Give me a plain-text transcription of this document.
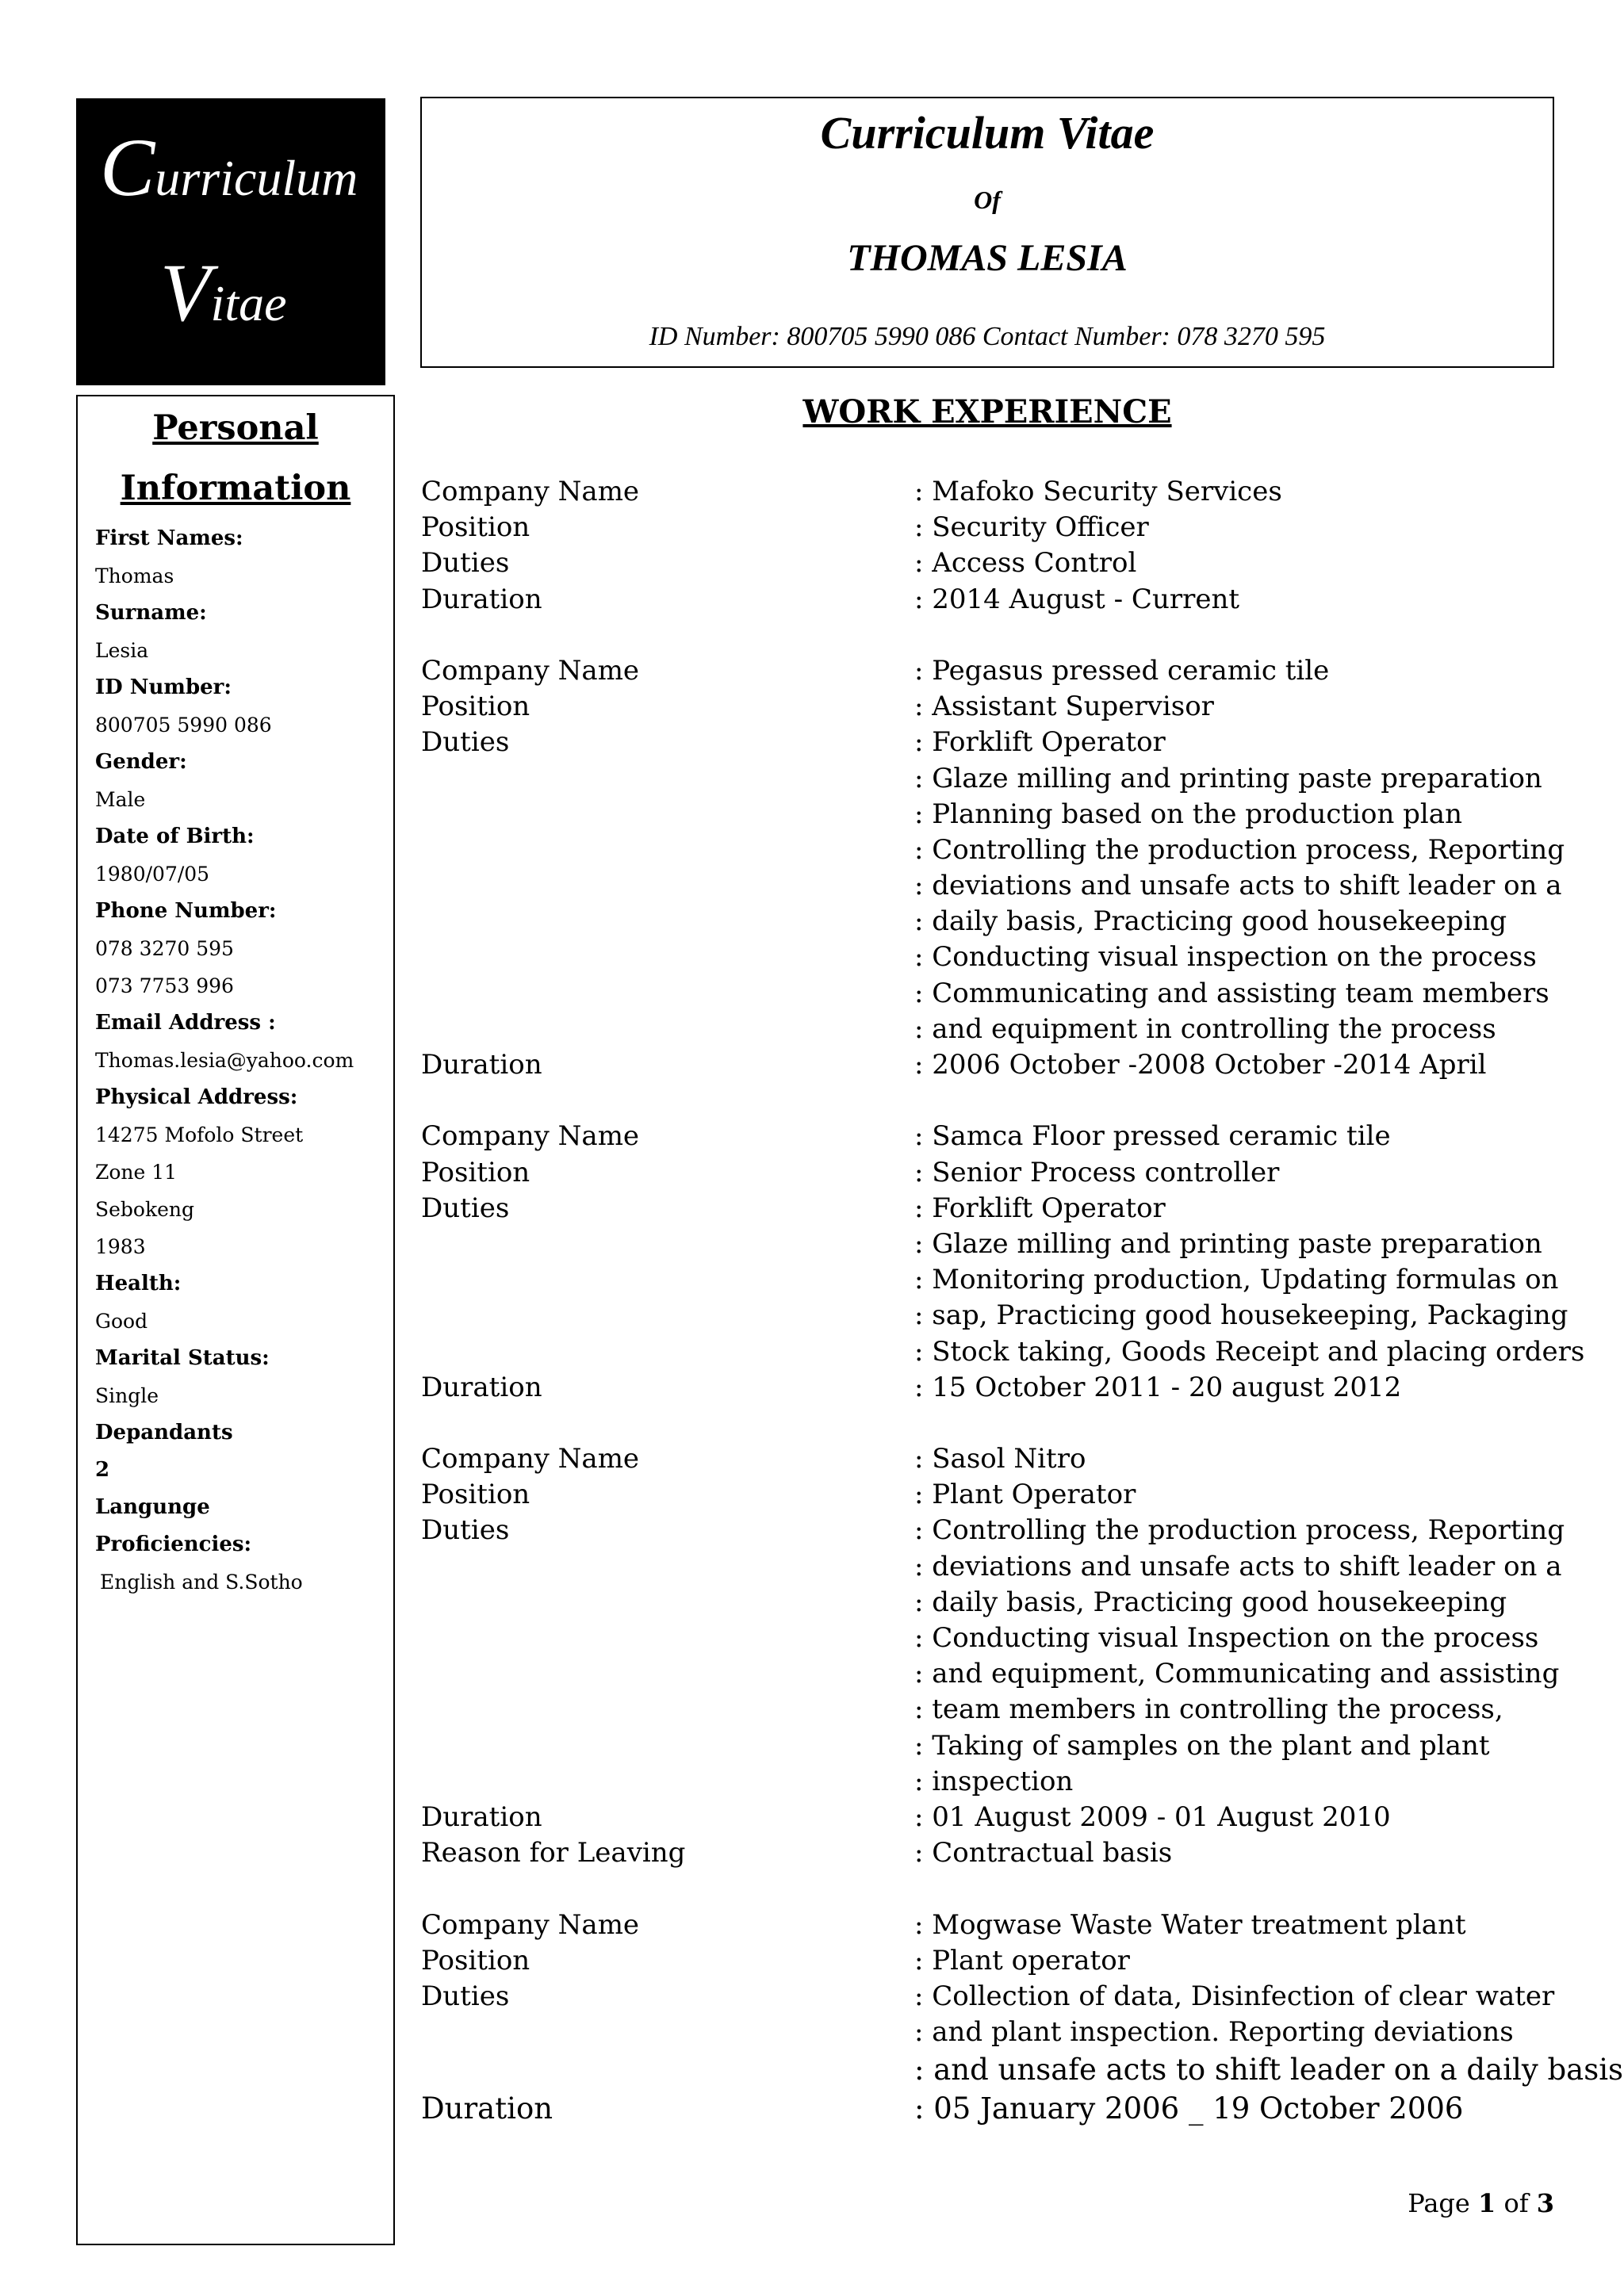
Curriculum
Vitae
Curriculum Vitae
Of
THOMAS LESIA
ID Number: 800705 5990 086 Contact Number: 078 3270 595
Personal
Information
First Names:
Thomas
Surname:
Lesia
ID Number:
800705 5990 086
Gender:
Male
Date of Birth:
1980/07/05
Phone Number:
078 3270 595
073 7753 996
Email Address :
Thomas.lesia@yahoo.com
Physical Address:
14275 Mofolo Street
Zone 11
Sebokeng
1983
Health:
Good
Marital Status:
Single
Depandants
2
Langunge
Proficiencies:
English and S.Sotho
WORK EXPERIENCE
Company Name	: Mafoko Security Services
Position	: Security Officer
Duties	: Access Control
Duration	: 2014 August - Current
Company Name	: Pegasus pressed ceramic tile
Position	: Assistant Supervisor
Duties	: Forklift Operator
: Glaze milling and printing paste preparation
: Planning based on the production plan
: Controlling the production process, Reporting
: deviations and unsafe acts to shift leader on a
: daily basis, Practicing good housekeeping
: Conducting visual inspection on the process
: Communicating and assisting team members
: and equipment in controlling the process
Duration	: 2006 October -2008 October -2014 April
Company Name	: Samca Floor pressed ceramic tile
Position	: Senior Process controller
Duties	: Forklift Operator
: Glaze milling and printing paste preparation
: Monitoring production, Updating formulas on
: sap, Practicing good housekeeping, Packaging
: Stock taking, Goods Receipt and placing orders
Duration	: 15 October 2011 - 20 august 2012
Company Name	: Sasol Nitro
Position	: Plant Operator
Duties	: Controlling the production process, Reporting
: deviations and unsafe acts to shift leader on a
: daily basis, Practicing good housekeeping
: Conducting visual Inspection on the process
: and equipment, Communicating and assisting
: team members in controlling the process,
: Taking of samples on the plant and plant
: inspection
Duration	: 01 August 2009 - 01 August 2010
Reason for Leaving	: Contractual basis
Company Name	: Mogwase Waste Water treatment plant
Position	: Plant operator
Duties	: Collection of data, Disinfection of clear water
: and plant inspection. Reporting deviations
: and unsafe acts to shift leader on a daily basis
Duration	: 05 January 2006 _ 19 October 2006
Page 1 of 3
